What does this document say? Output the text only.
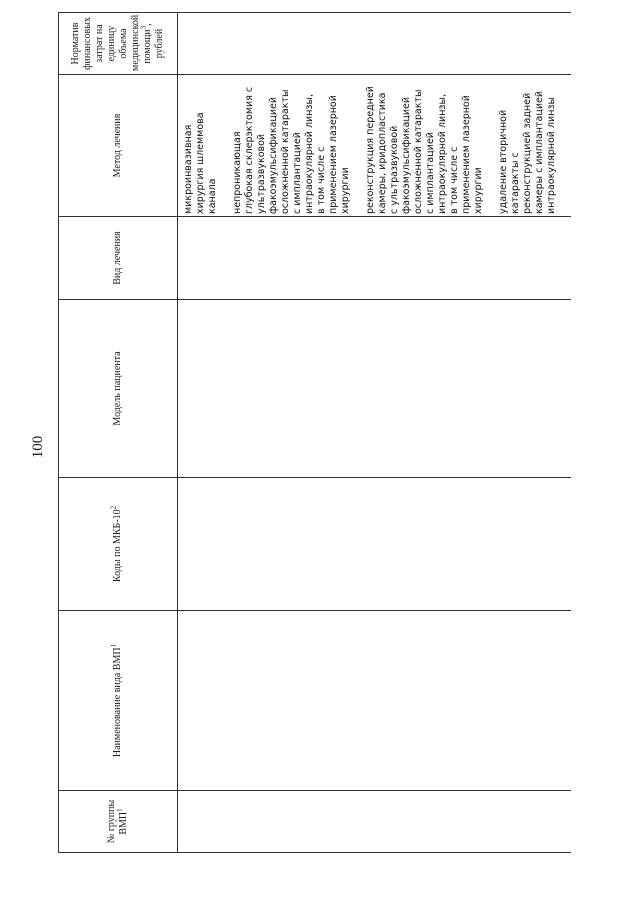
100
№ группы ВМП$^1$	Наименование вида ВМП$^1$	Коды по МКБ-$10^2$	Модель пациента	Вид лечения	Метод лечения	Норматив финансовых затрат на единицу объема медицинской помощи$^3$, рублей

					микроинвазивная хирургия шлеммова канала непроникающая глубокая склерэктомия с ультразвуковой факоэмульсификацией осложненной катаракты с имплантацией интраокулярной линзы, в том числе с применением лазерной хирургии реконструкция передней камеры, иридопластика с ультразвуковой факоэмульсификацией осложненной катаракты с имплантацией интраокулярной линзы, в том числе с применением лазерной хирургии удаление вторичной катаракты с реконструкцией задней камеры с имплантацией интраокулярной линзы	
